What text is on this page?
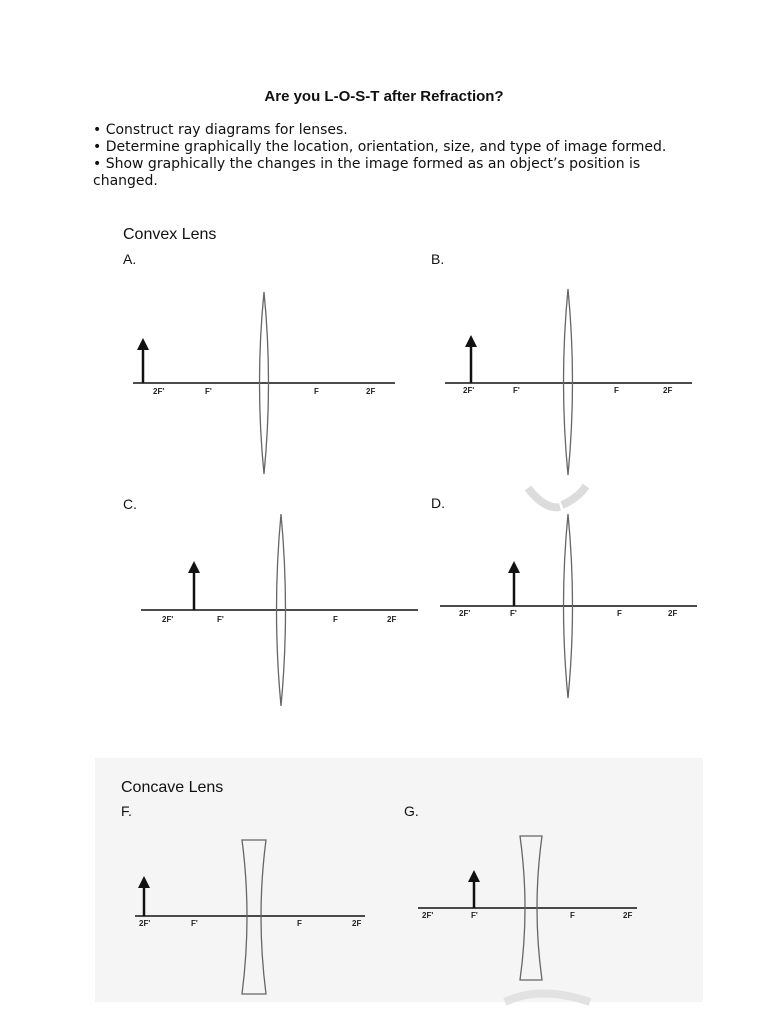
Are you L-O-S-T after Refraction?

• Construct ray diagrams for lenses.

• Determine graphically the location, orientation, size, and type of image formed.

• Show graphically the changes in the image formed as an object’s position is changed.

Convex Lens
A.	B.
C.	D.
Concave Lens
F.	G.
2F'	F'	F	2F	2F'	F'	F	2F
2F'	F'	F	2F
2F'	F'	F	2F
2F'	F'	F	2F
2F'	F'	F	2F
